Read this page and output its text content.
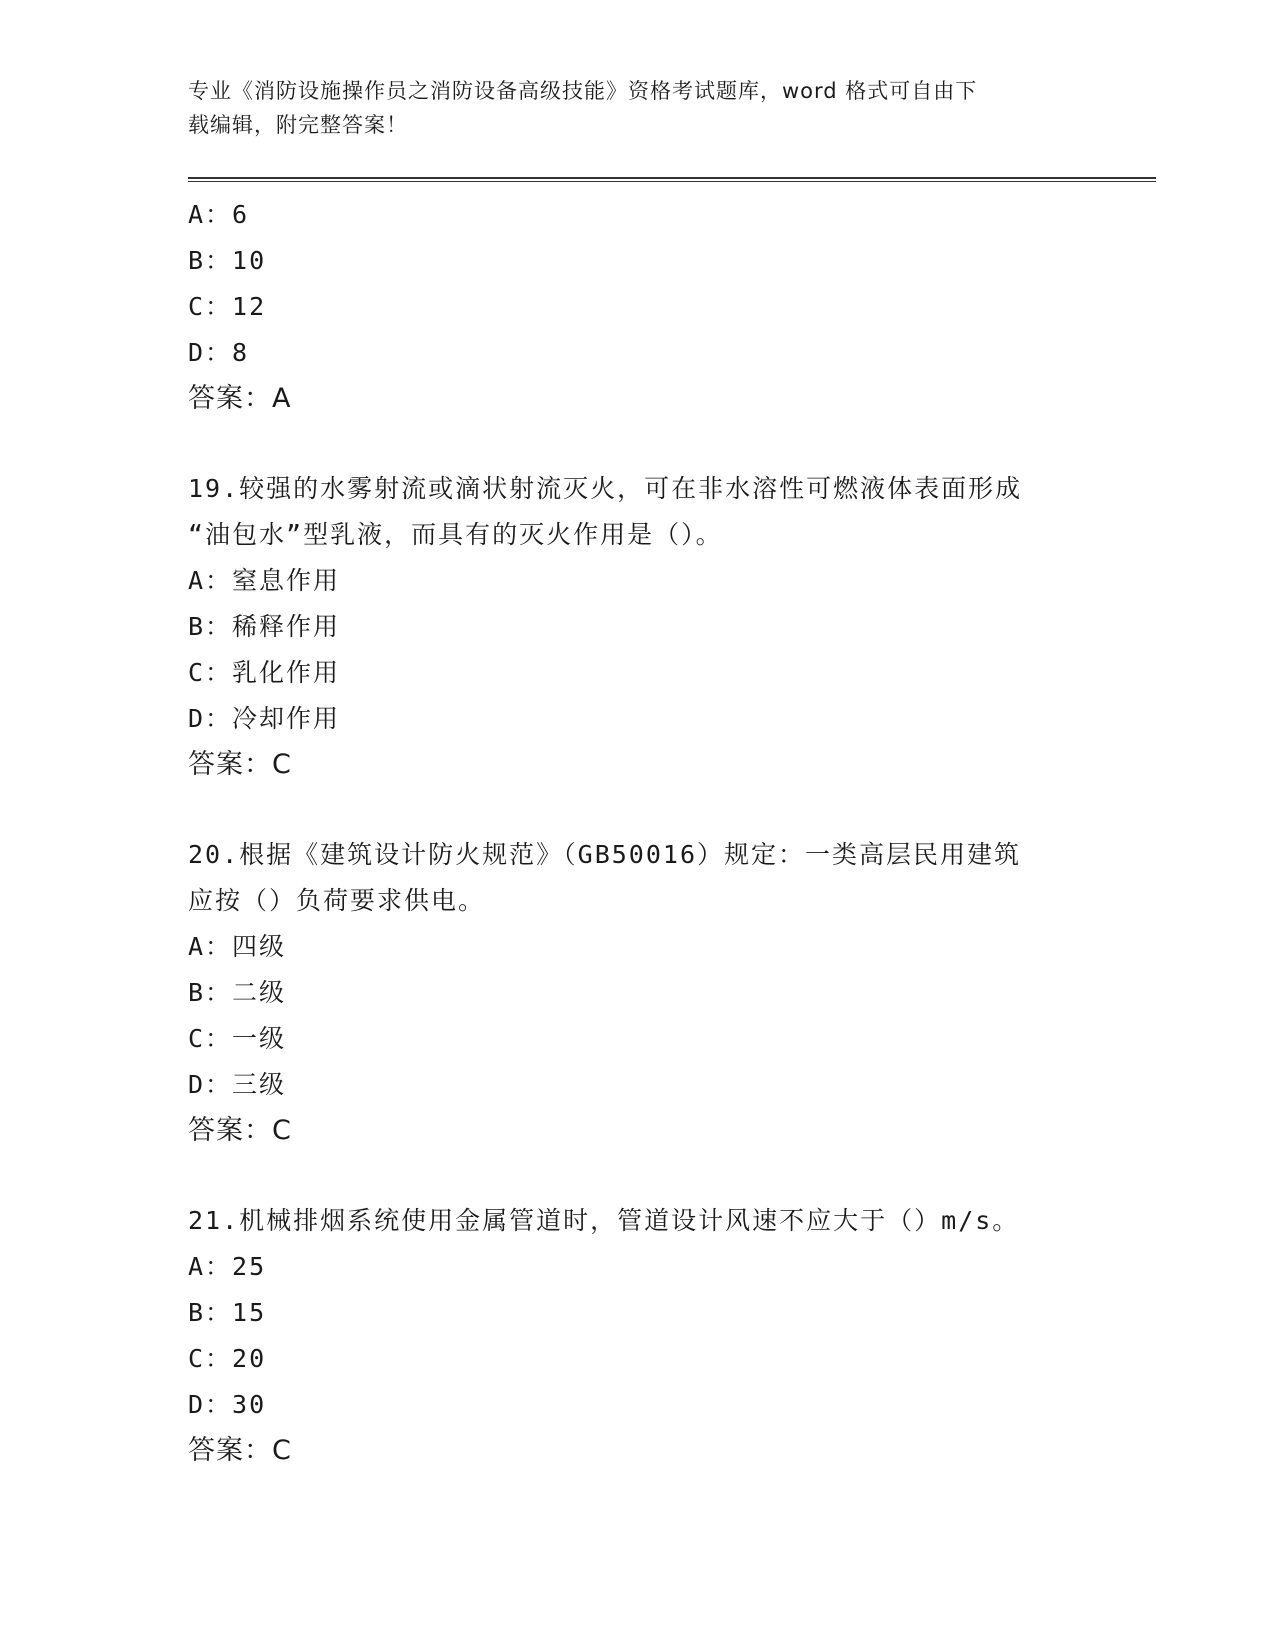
专业《消防设施操作员之消防设备高级技能》资格考试题库，word 格式可自由下
载编辑，附完整答案！
A：6
B：10
C：12
D：8
答案：A
19.较强的水雾射流或滴状射流灭火，可在非水溶性可燃液体表面形成
“油包水”型乳液，而具有的灭火作用是（）。
A：窒息作用
B：稀释作用
C：乳化作用
D：冷却作用
答案：C
20.根据《建筑设计防火规范》（GB50016）规定：一类高层民用建筑
应按（）负荷要求供电。
A：四级
B：二级
C：一级
D：三级
答案：C
21.机械排烟系统使用金属管道时，管道设计风速不应大于（）m/s。
A：25
B：15
C：20
D：30
答案：C
